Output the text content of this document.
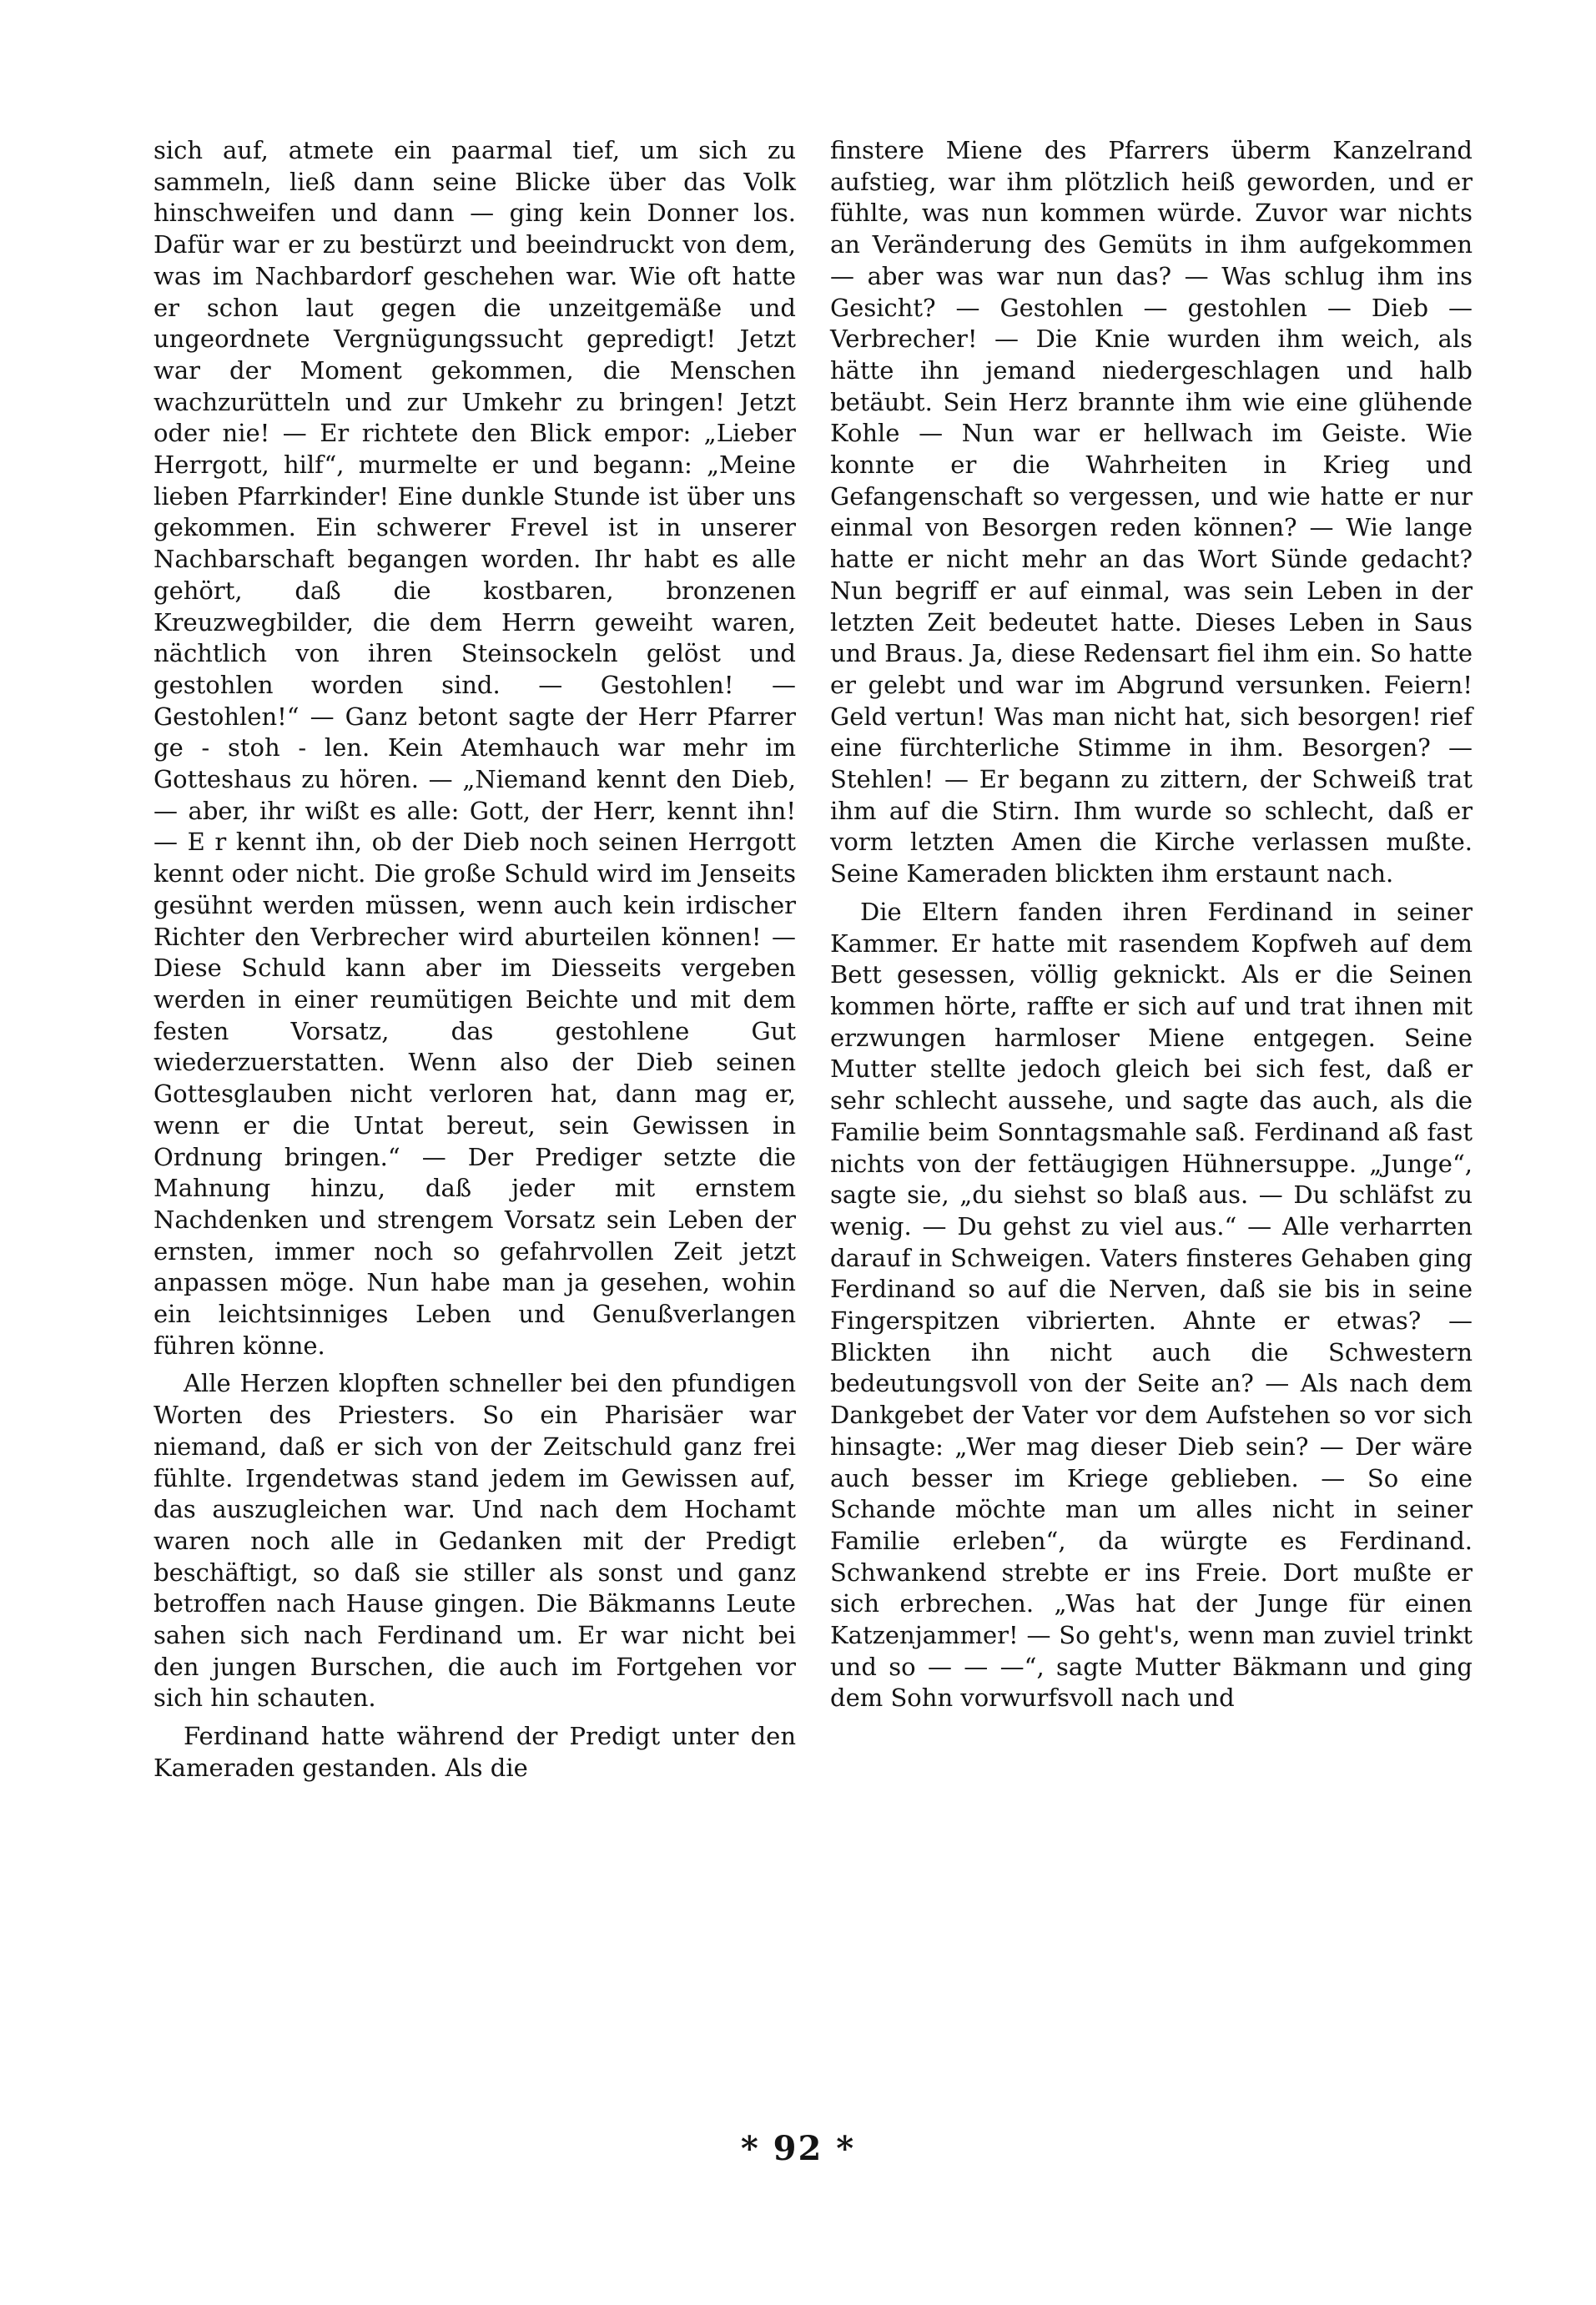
sich auf, atmete ein paarmal tief, um sich zu sammeln, ließ dann seine Blicke über das Volk hinschweifen und dann — ging kein Donner los. Dafür war er zu bestürzt und beeindruckt von dem, was im Nachbardorf geschehen war. Wie oft hatte er schon laut gegen die unzeitgemäße und ungeordnete Vergnügungssucht gepredigt! Jetzt war der Moment gekommen, die Menschen wachzurütteln und zur Umkehr zu bringen! Jetzt oder nie! — Er richtete den Blick empor: „Lieber Herrgott, hilf“, murmelte er und begann: „Meine lieben Pfarrkinder! Eine dunkle Stunde ist über uns gekommen. Ein schwerer Frevel ist in unserer Nachbarschaft begangen worden. Ihr habt es alle gehört, daß die kostbaren, bronzenen Kreuzwegbilder, die dem Herrn geweiht waren, nächtlich von ihren Steinsockeln gelöst und gestohlen worden sind. — Gestohlen! — Gestohlen!“ — Ganz betont sagte der Herr Pfarrer ge - stoh - len. Kein Atemhauch war mehr im Gotteshaus zu hören. — „Niemand kennt den Dieb, — aber, ihr wißt es alle: Gott, der Herr, kennt ihn! — E r kennt ihn, ob der Dieb noch seinen Herrgott kennt oder nicht. Die große Schuld wird im Jenseits gesühnt werden müssen, wenn auch kein irdischer Richter den Verbrecher wird aburteilen können! — Diese Schuld kann aber im Diesseits vergeben werden in einer reumütigen Beichte und mit dem festen Vorsatz, das gestohlene Gut wiederzuerstatten. Wenn also der Dieb seinen Gottesglauben nicht verloren hat, dann mag er, wenn er die Untat bereut, sein Gewissen in Ordnung bringen.“ — Der Prediger setzte die Mahnung hinzu, daß jeder mit ernstem Nachdenken und strengem Vorsatz sein Leben der ernsten, immer noch so gefahrvollen Zeit jetzt anpassen möge. Nun habe man ja gesehen, wohin ein leichtsinniges Leben und Genußverlangen führen könne.

Alle Herzen klopften schneller bei den pfundigen Worten des Priesters. So ein Pharisäer war niemand, daß er sich von der Zeitschuld ganz frei fühlte. Irgendetwas stand jedem im Gewissen auf, das auszugleichen war. Und nach dem Hochamt waren noch alle in Gedanken mit der Predigt beschäftigt, so daß sie stiller als sonst und ganz betroffen nach Hause gingen. Die Bäkmanns Leute sahen sich nach Ferdinand um. Er war nicht bei den jungen Burschen, die auch im Fortgehen vor sich hin schauten.

Ferdinand hatte während der Predigt unter den Kameraden gestanden. Als die

finstere Miene des Pfarrers überm Kanzelrand aufstieg, war ihm plötzlich heiß geworden, und er fühlte, was nun kommen würde. Zuvor war nichts an Veränderung des Gemüts in ihm aufgekommen — aber was war nun das? — Was schlug ihm ins Gesicht? — Gestohlen — gestohlen — Dieb — Verbrecher! — Die Knie wurden ihm weich, als hätte ihn jemand niedergeschlagen und halb betäubt. Sein Herz brannte ihm wie eine glühende Kohle — Nun war er hellwach im Geiste. Wie konnte er die Wahrheiten in Krieg und Gefangenschaft so vergessen, und wie hatte er nur einmal von Besorgen reden können? — Wie lange hatte er nicht mehr an das Wort Sünde gedacht? Nun begriff er auf einmal, was sein Leben in der letzten Zeit bedeutet hatte. Dieses Leben in Saus und Braus. Ja, diese Redensart fiel ihm ein. So hatte er gelebt und war im Abgrund versunken. Feiern! Geld vertun! Was man nicht hat, sich besorgen! rief eine fürchterliche Stimme in ihm. Besorgen? — Stehlen! — Er begann zu zittern, der Schweiß trat ihm auf die Stirn. Ihm wurde so schlecht, daß er vorm letzten Amen die Kirche verlassen mußte. Seine Kameraden blickten ihm erstaunt nach.

Die Eltern fanden ihren Ferdinand in seiner Kammer. Er hatte mit rasendem Kopfweh auf dem Bett gesessen, völlig geknickt. Als er die Seinen kommen hörte, raffte er sich auf und trat ihnen mit erzwungen harmloser Miene entgegen. Seine Mutter stellte jedoch gleich bei sich fest, daß er sehr schlecht aussehe, und sagte das auch, als die Familie beim Sonntagsmahle saß. Ferdinand aß fast nichts von der fettäugigen Hühnersuppe. „Junge“, sagte sie, „du siehst so blaß aus. — Du schläfst zu wenig. — Du gehst zu viel aus.“ — Alle verharrten darauf in Schweigen. Vaters finsteres Gehaben ging Ferdinand so auf die Nerven, daß sie bis in seine Fingerspitzen vibrierten. Ahnte er etwas? — Blickten ihn nicht auch die Schwestern bedeutungsvoll von der Seite an? — Als nach dem Dankgebet der Vater vor dem Aufstehen so vor sich hinsagte: „Wer mag dieser Dieb sein? — Der wäre auch besser im Kriege geblieben. — So eine Schande möchte man um alles nicht in seiner Familie erleben“, da würgte es Ferdinand. Schwankend strebte er ins Freie. Dort mußte er sich erbrechen. „Was hat der Junge für einen Katzenjammer! — So geht's, wenn man zuviel trinkt und so — — —“, sagte Mutter Bäkmann und ging dem Sohn vorwurfsvoll nach und

* 92 *
